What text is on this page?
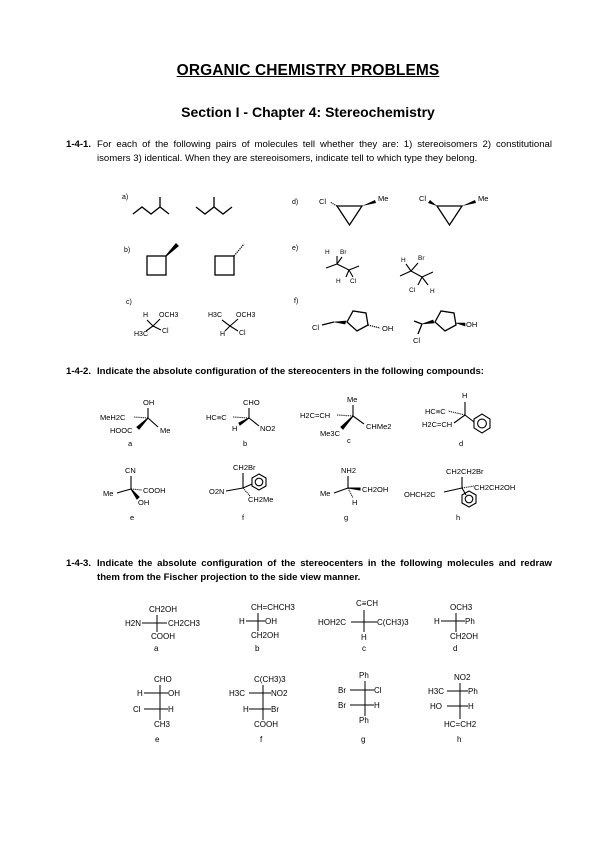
ORGANIC CHEMISTRY PROBLEMS
Section I - Chapter 4: Stereochemistry
1-4-1. For each of the following pairs of molecules tell whether they are: 1) stereoisomers 2) constitutional isomers 3) identical. When they are stereoisomers, indicate tell to which type they belong.
1-4-2. Indicate the absolute configuration of the stereocenters in the following compounds:
1-4-3. Indicate the absolute configuration of the stereocenters in the following molecules and redraw them from the Fischer projection to the side view manner.
a)
b)
c)
d)
e)
f)
H OCH3
H3C Cl
H3C OCH3
H Cl
Cl	Me	Cl	Me
H Br
H Cl
H Br
Cl H
Cl	OH
Cl
OH
OH
MeH2C
HOOC	Me
a
CHO
HC≡C
H	NO2
b
Me
H2C=CH
Me3C
CHMe2
c
H
HC≡C
H2C=CH
d
CN
Me	COOH
OH
e
CH2Br
O2N
CH2Me
f
NH2
Me	CH2OH
H
g
CH2CH2Br
CH2CH2OH
OHCH2C
h
CH2OH
H2N	CH2CH3
COOH
a
CH=CHCH3
H	OH
CH2OH
b
C≡CH
HOH2C	C(CH3)3
H
c
OCH3
H	Ph
CH2OH
d
CHO
H	OH
Cl	H
CH3
e
C(CH3)3
H3C	NO2
H	Br
COOH
f
Ph
Br	Cl
Br	H
Ph
g
NO2
H3C	Ph
HO	H
HC=CH2
h
